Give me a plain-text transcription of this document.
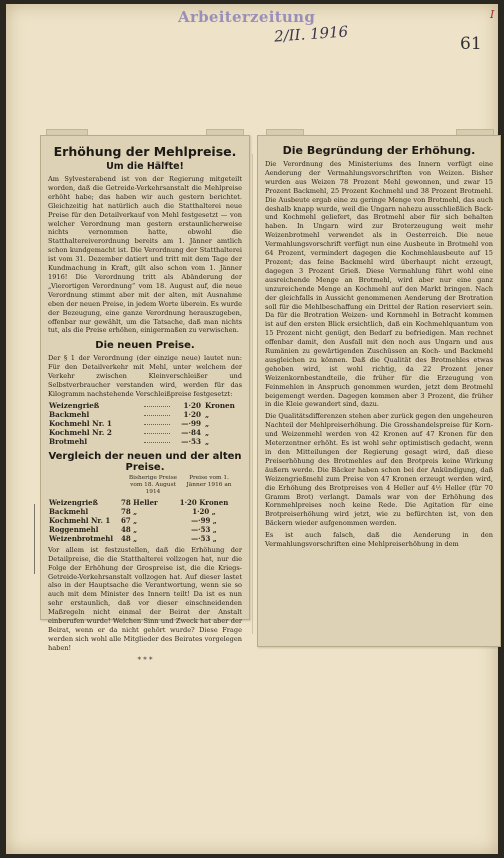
Arbeiterzeitung
2/II. 1916	61
I
Erhöhung der Mehlpreise.
Um die Hälfte!

Am Sylvesterabend ist von der Regierung mitgeteilt worden, daß die Getreide-Verkehrsanstalt die Mehlpreise erhöht habe; das haben wir auch gestern berichtet. Gleichzeitig hat natürlich auch die Statthalterei neue Preise für den Detailverkauf von Mehl festgesetzt — von welcher Verordnung man gestern erstaunlicherweise nichts vernommen hatte, obwohl die Statthaltereiverordnung bereits am 1. Jänner amtlich schon kundgemacht ist. Die Verordnung der Statthalterei ist vom 31. Dezember datiert und tritt mit dem Tage der Kundmachung in Kraft, gilt also schon vom 1. Jänner 1916! Die Verordnung tritt als Abänderung der „Vierortigen Verordnung“ vom 18. August auf, die neue Verordnung stimmt aber mit der alten, mit Ausnahme eben der neuen Preise, in jedem Worte überein. Es wurde der Bezeugung, eine ganze Verordnung herauszugeben, offenbar nur gewählt, um die Tatsache, daß man nichts tut, als die Preise erhöhen, einigermaßen zu verwischen.

Die neuen Preise.

Der § 1 der Verordnung (der einzige neue) lautet nun: Für den Detailverkehr mit Mehl, unter welchem der Verkehr zwischen Kleinverschleißer und Selbstverbraucher verstanden wird, werden für das Kilogramm nachstehende Verschleißpreise festgesetzt:

Weizengrieß	1·20 Kronen
Backmehl	1·20 „
Kochmehl Nr. 1	—·99 „
Kochmehl Nr. 2	—·84 „
Brotmehl	—·53 „
Vergleich der neuen und der alten Preise.
Bisherige Preise vom 18. August 1914
Preise vom 1. Jänner 1916 an
Weizengrieß	78 Heller	1·20 Kronen
Backmehl	78 „	1·20 „
Kochmehl Nr. 1	67 „	—·99 „
Roggenmehl	48 „	—·53 „
Weizenbrotmehl	48 „	—·53 „

Vor allem ist festzustellen, daß die Erhöhung der Detailpreise, die die Statthalterei vollzogen hat, nur die Folge der Erhöhung der Grospreise ist, die die Kriegs-Getreide-Verkehrsanstalt vollzogen hat. Auf dieser lastet also in der Hauptsache die Verantwortung, wenn sie so auch mit dem Minister des Innern teilt! Da ist es nun sehr erstaunlich, daß vor dieser einschneidenden Maßregeln nicht einmal der Beirat der Anstalt einberufen wurde! Welchen Sinn und Zweck hat aber der Beirat, wenn er da nicht gehört wurde? Diese Frage werden sich wohl alle Mitglieder des Beirates vorgelegen haben!

* * *
Die Begründung der Erhöhung.

Die Verordnung des Ministeriums des Innern verfügt eine Aenderung der Vermahlungsvorschriften von Weizen. Bisher wurden aus Weizen 78 Prozent Mehl gewonnen, und zwar 15 Prozent Backmehl, 25 Prozent Kochmehl und 38 Prozent Brotmehl. Die Ausbeute ergab eine zu geringe Menge von Brotmehl, das auch deshalb knapp wurde, weil die Ungarn nahezu ausschließlich Back- und Kochmehl geliefert, das Brotmehl aber für sich behalten haben. In Ungarn wird zur Broterzeugung weit mehr Weizenbrotmehl verwendet als in Oesterreich. Die neue Vermahlungsvorschrift verfügt nun eine Ausbeute in Brotmehl von 64 Prozent, vermindert dagegen die Kochmehlausbeute auf 15 Prozent; das feine Backmehl wird überhaupt nicht erzeugt, dagegen 3 Prozent Grieß. Diese Vermahlung führt wohl eine ausreichende Menge an Brotmehl, wird aber nur eine ganz unzureichende Menge an Kochmehl auf den Markt bringen. Nach der gleichfalls in Aussicht genommenen Aenderung der Brotration soll für die Mehlbeschaffung ein Drittel der Ration reserviert sein. Da für die Brotration Weizen- und Kornmehl in Betracht kommen ist auf den ersten Blick ersichtlich, daß ein Kochmehlquantum von 15 Prozent nicht genügt, den Bedarf zu befriedigen. Man rechnet offenbar damit, den Ausfall mit den noch aus Ungarn und aus Rumänien zu gewärtigenden Zuschüssen an Koch- und Backmehl ausgleichen zu können. Daß die Qualität des Brotmehles etwas gehoben wird, ist wohl richtig, da 22 Prozent jener Weizenkornbestandteile, die früher für die Erzeugung von Feinmehlen in Anspruch genommen wurden, jetzt dem Brotmehl beigemengt werden. Dagegen kommen aber 3 Prozent, die früher in die Kleie gewandert sind, dazu.

Die Qualitätsdifferenzen stehen aber zurück gegen den ungeheuren Nachteil der Mehlpreiserhöhung. Die Grosshandelspreise für Korn- und Weizenmehl werden von 42 Kronen auf 47 Kronen für den Meterzentner erhöht. Es ist wohl sehr optimistisch gedacht, wenn in den Mitteilungen der Regierung gesagt wird, daß diese Preiserhöhung des Brotmehles auf den Brotpreis keine Wirkung äußern werde. Die Bäcker haben schon bei der Ankündigung, daß Weizengrießmehl zum Preise von 47 Kronen erzeugt werden wird, die Erhöhung des Brotpreises von 4 Heller auf 4½ Heller (für 70 Gramm Brot) verlangt. Damals war von der Erhöhung des Kornmehlpreises noch keine Rede. Die Agitation für eine Brotpreiserhöhung wird jetzt, wie zu befürchten ist, von den Bäckern wieder aufgenommen werden.

Es ist auch falsch, daß die Aenderung in den Vermahlungsvorschriften eine Mehlpreiserhöhung in dem
